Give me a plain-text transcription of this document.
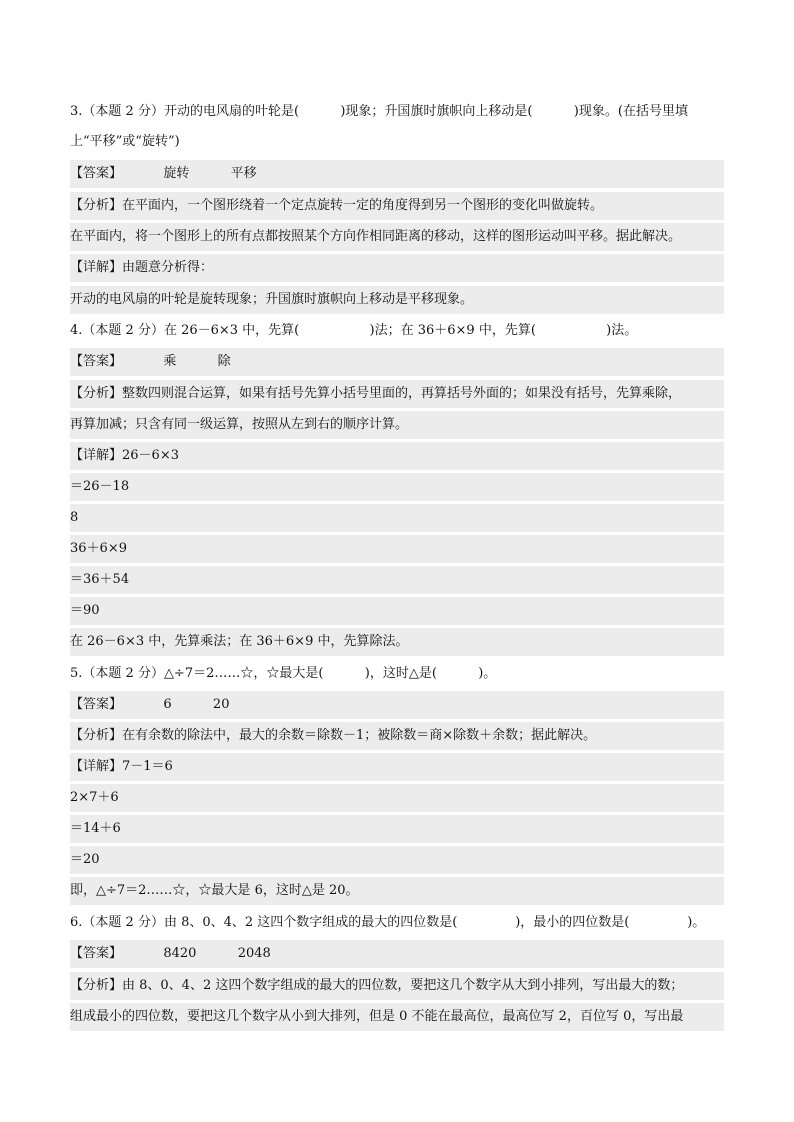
3.（本题 2 分）开动的电风扇的叶轮是(          )现象；升国旗时旗帜向上移动是(          )现象。(在括号里填
上“平移”或“旋转”)
【答案】          旋转          平移
【分析】在平面内，一个图形绕着一个定点旋转一定的角度得到另一个图形的变化叫做旋转。
在平面内，将一个图形上的所有点都按照某个方向作相同距离的移动，这样的图形运动叫平移。据此解决。
【详解】由题意分析得：
开动的电风扇的叶轮是旋转现象；升国旗时旗帜向上移动是平移现象。
4.（本题 2 分）在 26－6×3 中，先算(                 )法；在 36＋6×9 中，先算(                 )法。
【答案】          乘          除
【分析】整数四则混合运算，如果有括号先算小括号里面的，再算括号外面的；如果没有括号，先算乘除，
再算加减；只含有同一级运算，按照从左到右的顺序计算。
【详解】26－6×3
＝26－18
8
36＋6×9
＝36＋54
＝90
在 26－6×3 中，先算乘法；在 36＋6×9 中，先算除法。
5.（本题 2 分）△÷7＝2……☆，☆最大是(          )，这时△是(          )。
【答案】          6          20
【分析】在有余数的除法中，最大的余数＝除数－1；被除数＝商×除数＋余数；据此解决。
【详解】7－1＝6
2×7＋6
＝14＋6
＝20
即，△÷7＝2……☆，☆最大是 6，这时△是 20。
6.（本题 2 分）由 8、0、4、2 这四个数字组成的最大的四位数是(              )，最小的四位数是(              )。
【答案】          8420          2048
【分析】由 8、0、4、2 这四个数字组成的最大的四位数，要把这几个数字从大到小排列，写出最大的数；
组成最小的四位数，要把这几个数字从小到大排列，但是 0 不能在最高位，最高位写 2，百位写 0，写出最
